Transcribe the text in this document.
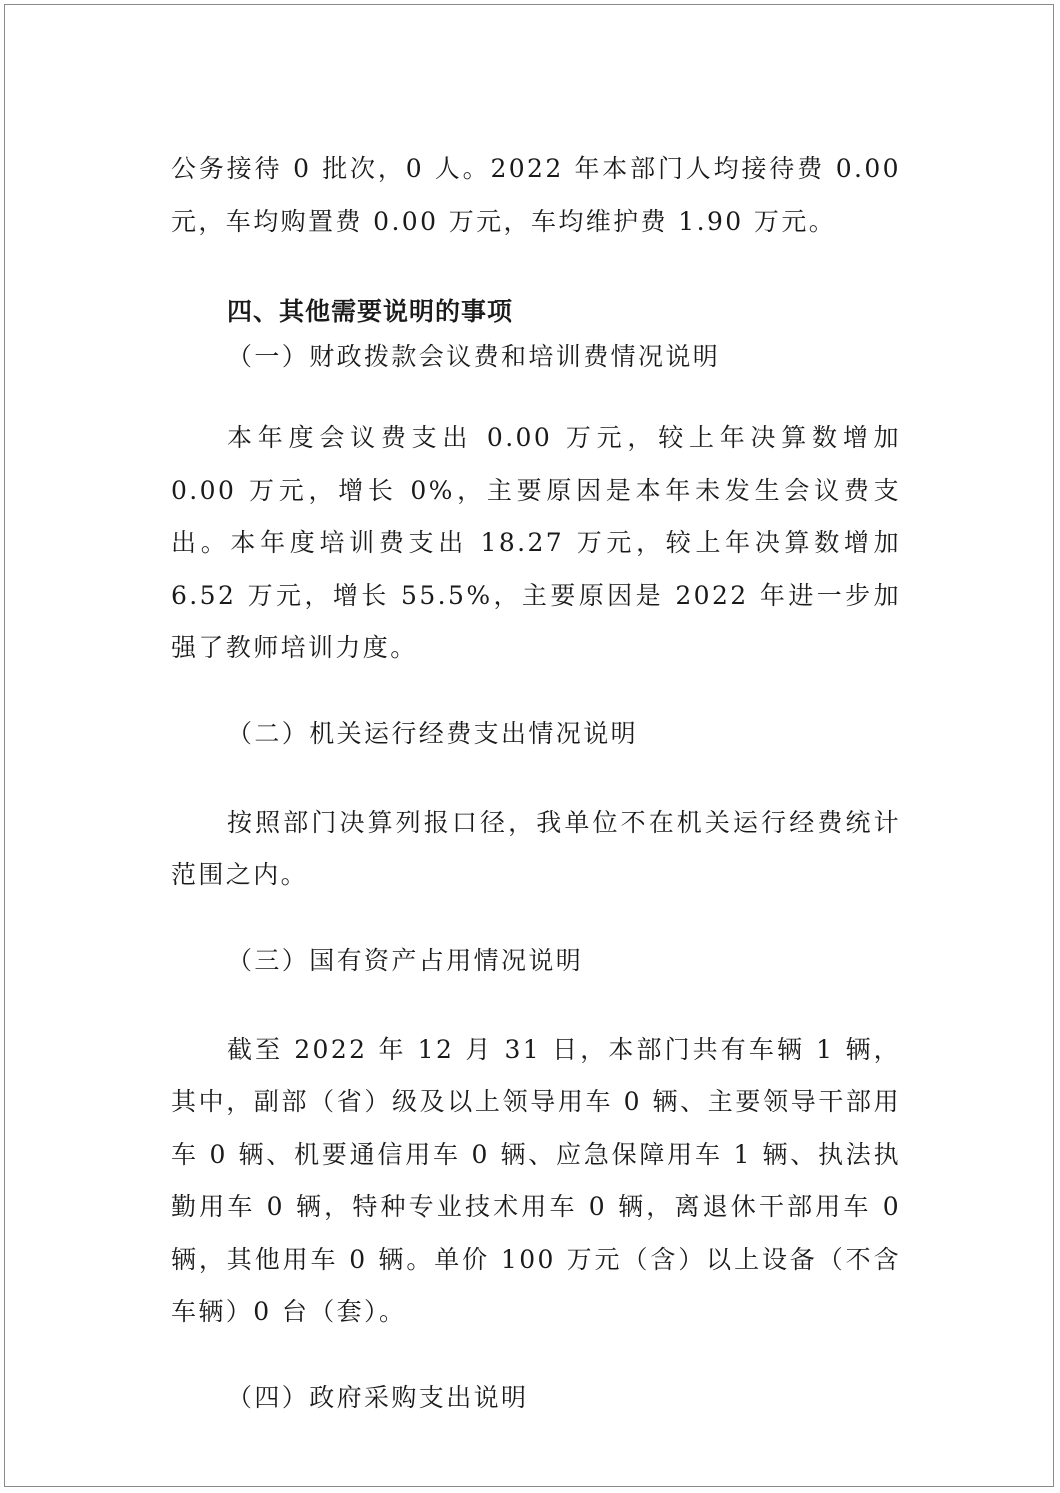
公务接待 0 批次，0 人。2022 年本部门人均接待费 0.00 元，车均购置费 0.00 万元，车均维护费 1.90 万元。

四、其他需要说明的事项

（一）财政拨款会议费和培训费情况说明

本年度会议费支出 0.00 万元，较上年决算数增加 0.00 万元，增长 0%，主要原因是本年未发生会议费支出。本年度培训费支出 18.27 万元，较上年决算数增加 6.52 万元，增长 55.5%，主要原因是 2022 年进一步加强了教师培训力度。

（二）机关运行经费支出情况说明

按照部门决算列报口径，我单位不在机关运行经费统计范围之内。

（三）国有资产占用情况说明

截至 2022 年 12 月 31 日，本部门共有车辆 1 辆，其中，副部（省）级及以上领导用车 0 辆、主要领导干部用车 0 辆、机要通信用车 0 辆、应急保障用车 1 辆、执法执勤用车 0 辆，特种专业技术用车 0 辆，离退休干部用车 0 辆，其他用车 0 辆。单价 100 万元（含）以上设备（不含车辆）0 台（套）。

（四）政府采购支出说明
